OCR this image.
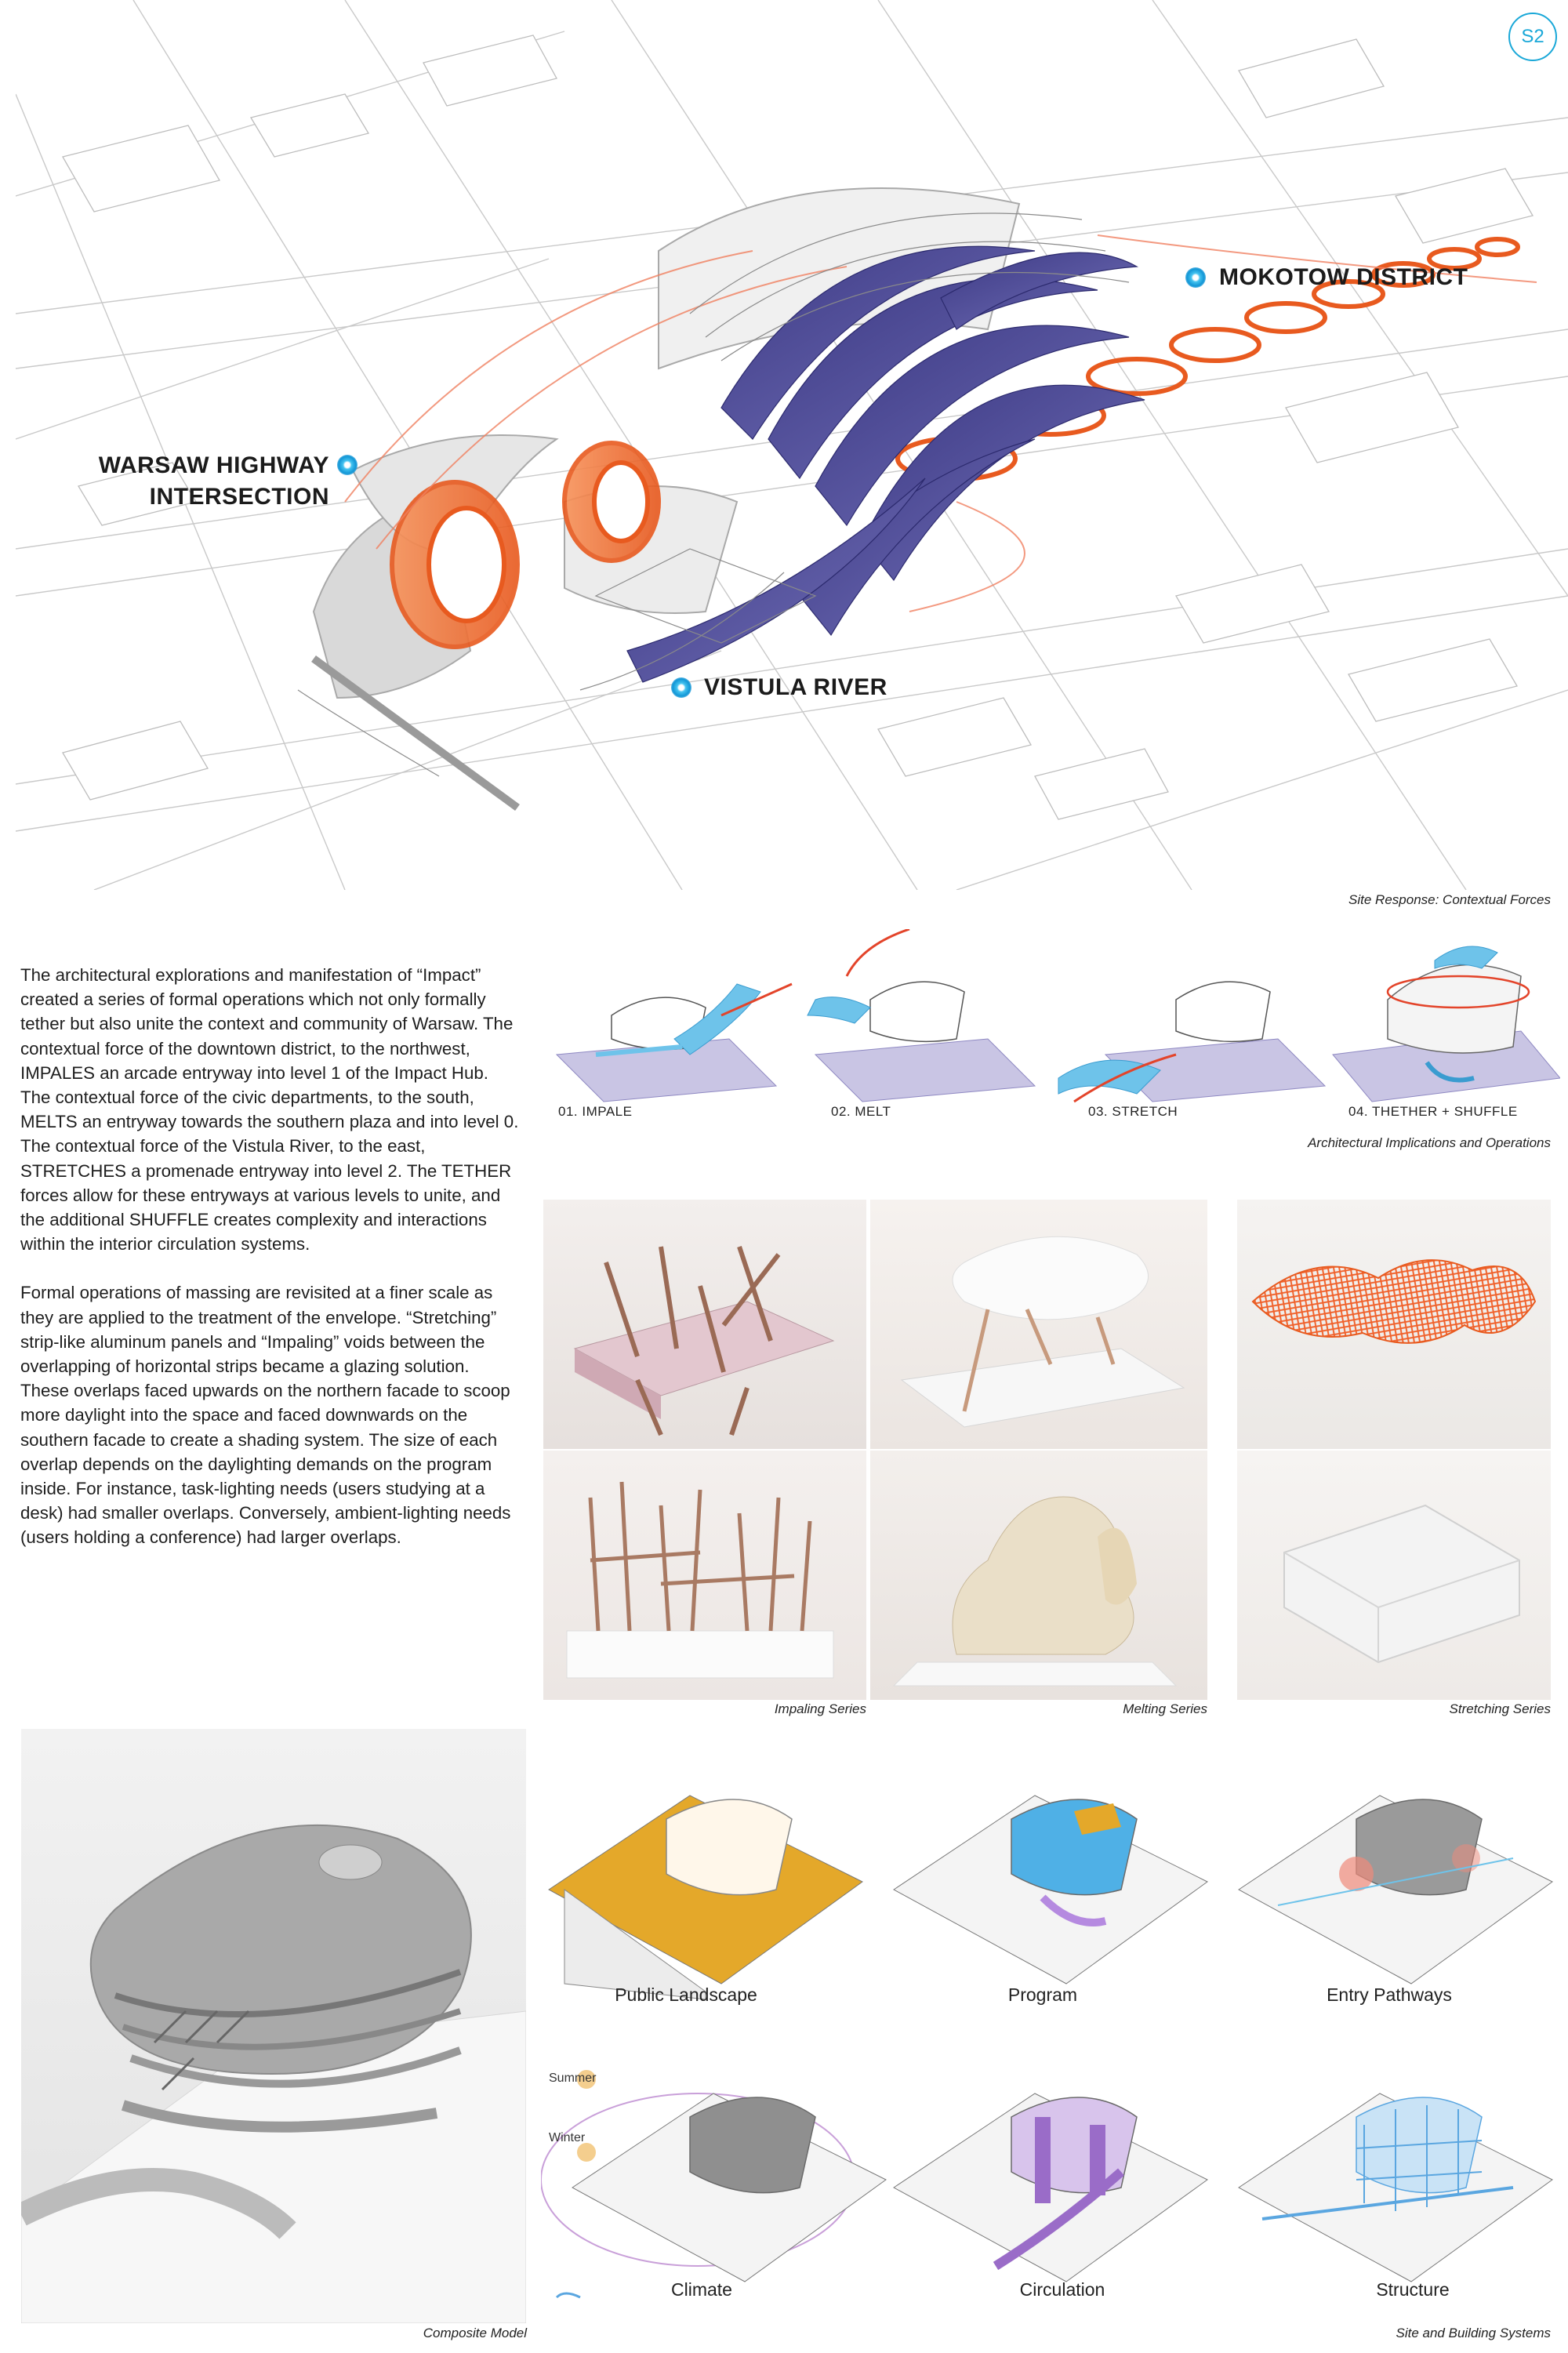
S2
MOKOTOW DISTRICT
WARSAW HIGHWAY
INTERSECTION
VISTULA RIVER
Site Response: Contextual Forces

The architectural explorations and manifestation of “Impact” created a series of formal operations which not only formally tether but also unite the context and community of Warsaw. The contextual force of the downtown district, to the northwest, IMPALES an arcade entryway into level 1 of the Impact Hub. The contextual force of the civic departments, to the south, MELTS an entryway towards the southern plaza and into level 0. The contextual force of the Vistula River, to the east, STRETCHES a promenade entryway into level 2. The TETHER forces allow for these entryways at various levels to unite, and the additional SHUFFLE creates complexity and interactions within the interior circulation systems.

Formal operations of massing are revisited at a finer scale as they are applied to the treatment of the envelope. “Stretching” strip-like aluminum panels and “Impaling” voids between the overlapping of horizontal strips became a glazing solution. These overlaps faced upwards on the northern facade to scoop more daylight into the space and faced downwards on the southern facade to create a shading system. The size of each overlap depends on the daylighting demands on the program inside. For instance, task-lighting needs (users studying at a desk) had smaller overlaps. Conversely, ambient-lighting needs (users holding a conference) had larger overlaps.

01. IMPALE	02. MELT	03. STRETCH	04. THETHER + SHUFFLE
Architectural Implications and Operations
Impaling Series	Melting Series	Stretching Series
Composite Model
Public Landscape	Program	Entry Pathways
Summer
Winter
Climate	Circulation	Structure
Site and Building Systems
